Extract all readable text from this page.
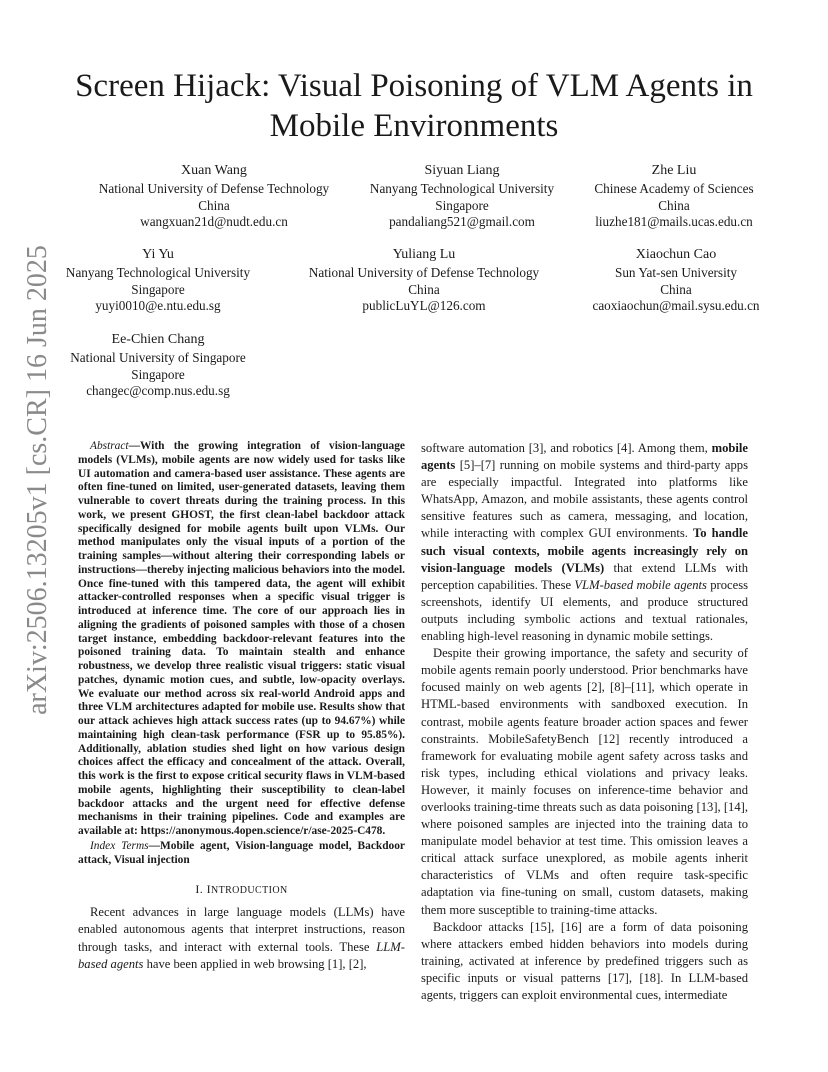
arXiv:2506.13205v1 [cs.CR] 16 Jun 2025
Screen Hijack: Visual Poisoning of VLM Agents in Mobile Environments
Xuan Wang
National University of Defense Technology
China
wangxuan21d@nudt.edu.cn
Siyuan Liang
Nanyang Technological University
Singapore
pandaliang521@gmail.com
Zhe Liu
Chinese Academy of Sciences
China
liuzhe181@mails.ucas.edu.cn
Yi Yu
Nanyang Technological University
Singapore
yuyi0010@e.ntu.edu.sg
Yuliang Lu
National University of Defense Technology
China
publicLuYL@126.com
Xiaochun Cao
Sun Yat-sen University
China
caoxiaochun@mail.sysu.edu.cn
Ee-Chien Chang
National University of Singapore
Singapore
changec@comp.nus.edu.sg

Abstract—With the growing integration of vision-language models (VLMs), mobile agents are now widely used for tasks like UI automation and camera-based user assistance. These agents are often fine-tuned on limited, user-generated datasets, leaving them vulnerable to covert threats during the training process. In this work, we present GHOST, the first clean-label backdoor attack specifically designed for mobile agents built upon VLMs. Our method manipulates only the visual inputs of a portion of the training samples—without altering their corresponding labels or instructions—thereby injecting malicious behaviors into the model. Once fine-tuned with this tampered data, the agent will exhibit attacker-controlled responses when a specific visual trigger is introduced at inference time. The core of our approach lies in aligning the gradients of poisoned samples with those of a chosen target instance, embedding backdoor-relevant features into the poisoned training data. To maintain stealth and enhance robustness, we develop three realistic visual triggers: static visual patches, dynamic motion cues, and subtle, low-opacity overlays. We evaluate our method across six real-world Android apps and three VLM architectures adapted for mobile use. Results show that our attack achieves high attack success rates (up to 94.67%) while maintaining high clean-task performance (FSR up to 95.85%). Additionally, ablation studies shed light on how various design choices affect the efficacy and concealment of the attack. Overall, this work is the first to expose critical security flaws in VLM-based mobile agents, highlighting their susceptibility to clean-label backdoor attacks and the urgent need for effective defense mechanisms in their training pipelines. Code and examples are available at: https://anonymous.4open.science/r/ase-2025-C478.

Index Terms—Mobile agent, Vision-language model, Backdoor attack, Visual injection

I. INTRODUCTION

Recent advances in large language models (LLMs) have enabled autonomous agents that interpret instructions, reason through tasks, and interact with external tools. These LLM-based agents have been applied in web browsing [1], [2],

software automation [3], and robotics [4]. Among them, mobile agents [5]–[7] running on mobile systems and third-party apps are especially impactful. Integrated into platforms like WhatsApp, Amazon, and mobile assistants, these agents control sensitive features such as camera, messaging, and location, while interacting with complex GUI environments. To handle such visual contexts, mobile agents increasingly rely on vision-language models (VLMs) that extend LLMs with perception capabilities. These VLM-based mobile agents process screenshots, identify UI elements, and produce structured outputs including symbolic actions and textual rationales, enabling high-level reasoning in dynamic mobile settings.

Despite their growing importance, the safety and security of mobile agents remain poorly understood. Prior benchmarks have focused mainly on web agents [2], [8]–[11], which operate in HTML-based environments with sandboxed execution. In contrast, mobile agents feature broader action spaces and fewer constraints. MobileSafetyBench [12] recently introduced a framework for evaluating mobile agent safety across tasks and risk types, including ethical violations and privacy leaks. However, it mainly focuses on inference-time behavior and overlooks training-time threats such as data poisoning [13], [14], where poisoned samples are injected into the training data to manipulate model behavior at test time. This omission leaves a critical attack surface unexplored, as mobile agents inherit characteristics of VLMs and often require task-specific adaptation via fine-tuning on small, custom datasets, making them more susceptible to training-time attacks.

Backdoor attacks [15], [16] are a form of data poisoning where attackers embed hidden behaviors into models during training, activated at inference by predefined triggers such as specific inputs or visual patterns [17], [18]. In LLM-based agents, triggers can exploit environmental cues, intermediate
